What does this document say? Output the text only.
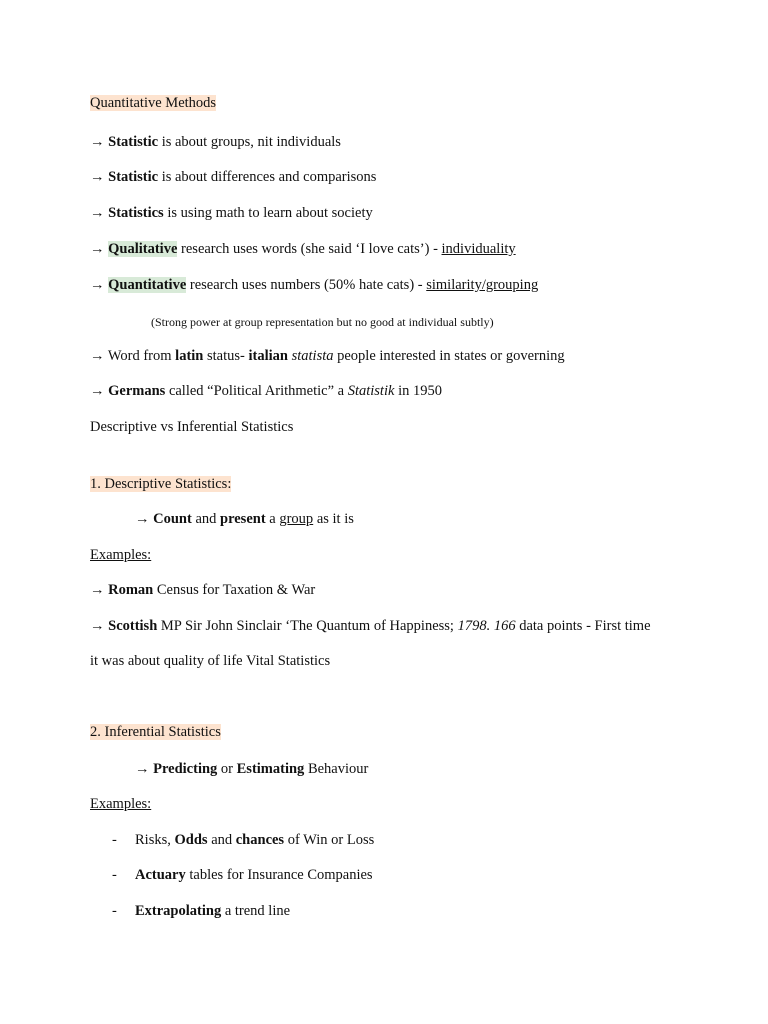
Quantitative Methods
→ Statistic is about groups, nit individuals
→ Statistic is about differences and comparisons
→ Statistics is using math to learn about society
→ Qualitative research uses words (she said ‘I love cats’) - individuality
→ Quantitative research uses numbers (50% hate cats) - similarity/grouping
(Strong power at group representation but no good at individual subtly)
→ Word from latin status- italian statista people interested in states or governing
→ Germans called “Political Arithmetic” a Statistik in 1950
Descriptive vs Inferential Statistics
1. Descriptive Statistics:
→ Count and present a group as it is
Examples:
→ Roman Census for Taxation & War
→ Scottish MP Sir John Sinclair ‘The Quantum of Happiness; 1798. 166 data points - First time
it was about quality of life Vital Statistics
2. Inferential Statistics
→ Predicting or Estimating Behaviour
Examples:
- Risks, Odds and chances of Win or Loss
- Actuary tables for Insurance Companies
- Extrapolating a trend line
